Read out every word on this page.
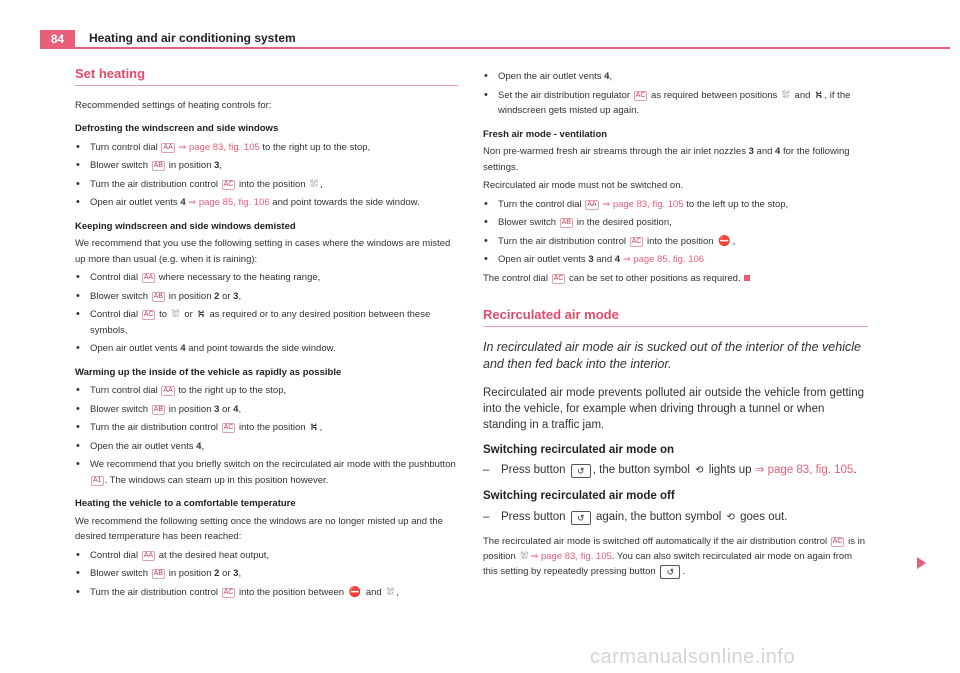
84	Heating and air conditioning system
Set heating
Recommended settings of heating controls for:
Defrosting the windscreen and side windows
• Turn control dial AA ⇒ page 83, fig. 105 to the right up to the stop,
• Blower switch AB in position 3,
• Turn the air distribution control AC into the position ⛆ ,
• Open air outlet vents 4 ⇒ page 85, fig. 106 and point towards the side window.
Keeping windscreen and side windows demisted
We recommend that you use the following setting in cases where the windows are misted up more than usual (e.g. when it is raining):
• Control dial AA where necessary to the heating range,
• Blower switch AB in position 2 or 3,
• Control dial AC to ⛆ or ⛕ as required or to any desired position between these symbols,
• Open air outlet vents 4 and point towards the side window.
Warming up the inside of the vehicle as rapidly as possible
• Turn control dial AA to the right up to the stop,
• Blower switch AB in position 3 or 4,
• Turn the air distribution control AC into the position ⛕ ,
• Open the air outlet vents 4,
• We recommend that you briefly switch on the recirculated air mode with the pushbutton A1 . The windows can steam up in this position however.
Heating the vehicle to a comfortable temperature
We recommend the following setting once the windows are no longer misted up and the desired temperature has been reached:
• Control dial AA at the desired heat output,
• Blower switch AB in position 2 or 3,
• Turn the air distribution control AC into the position between ⛔ and ⛆ ,
• Open the air outlet vents 4,
• Set the air distribution regulator AC as required between positions ⛆ and ⛕ , if the windscreen gets misted up again.
Fresh air mode - ventilation
Non pre-warmed fresh air streams through the air inlet nozzles 3 and 4 for the following settings.
Recirculated air mode must not be switched on.
• Turn the control dial AA ⇒ page 83, fig. 105 to the left up to the stop,
• Blower switch AB in the desired position,
• Turn the air distribution control AC into the position ⛔ ,
• Open air outlet vents 3 and 4 ⇒ page 85, fig. 106
The control dial AC can be set to other positions as required.
Recirculated air mode
In recirculated air mode air is sucked out of the interior of the vehicle and then fed back into the interior.
Recirculated air mode prevents polluted air outside the vehicle from getting into the vehicle, for example when driving through a tunnel or when standing in a traffic jam.
Switching recirculated air mode on
– Press button ↺ , the button symbol ⟲ lights up ⇒ page 83, fig. 105.
Switching recirculated air mode off
– Press button ↺ again, the button symbol ⟲ goes out.
The recirculated air mode is switched off automatically if the air distribution control AC is in position ⛆ ⇒ page 83, fig. 105. You can also switch recirculated air mode on again from this setting by repeatedly pressing button ↺ .
carmanualsonline.info
